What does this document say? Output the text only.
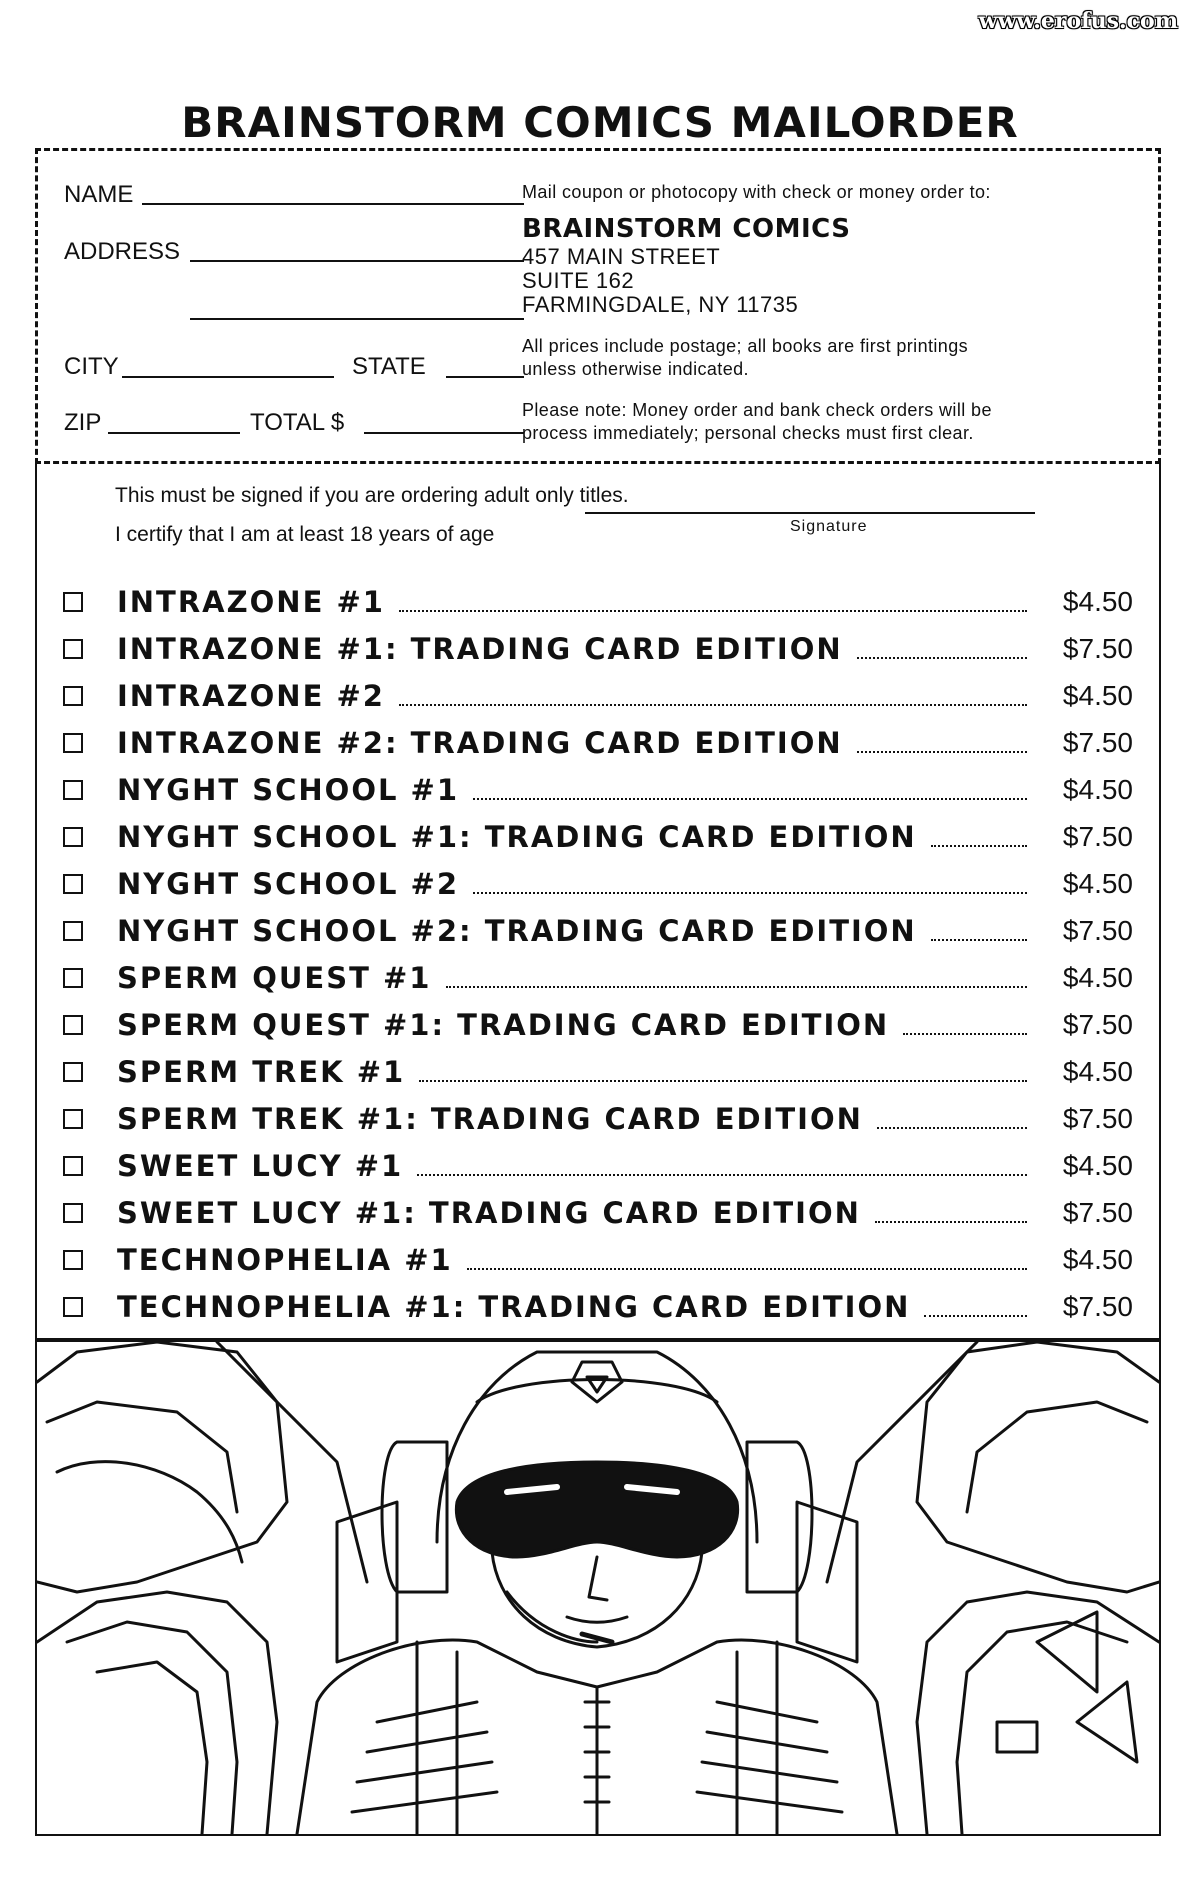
www.erofus.com
BRAINSTORM COMICS MAILORDER
NAME
ADDRESS
CITY	STATE
ZIP	TOTAL $
Mail coupon or photocopy with check or money order to:
BRAINSTORM COMICS
457 MAIN STREET
SUITE 162
FARMINGDALE, NY 11735
All prices include postage; all books are first printings
unless otherwise indicated.
Please note: Money order and bank check orders will be
process immediately; personal checks must first clear.
This must be signed if you are ordering adult only titles.
I certify that I am at least 18 years of age	Signature
INTRAZONE #1	$4.50
INTRAZONE #1: TRADING CARD EDITION	$7.50
INTRAZONE #2	$4.50
INTRAZONE #2: TRADING CARD EDITION	$7.50
NYGHT SCHOOL #1	$4.50
NYGHT SCHOOL #1: TRADING CARD EDITION	$7.50
NYGHT SCHOOL #2	$4.50
NYGHT SCHOOL #2: TRADING CARD EDITION	$7.50
SPERM QUEST #1	$4.50
SPERM QUEST #1: TRADING CARD EDITION	$7.50
SPERM TREK #1	$4.50
SPERM TREK #1: TRADING CARD EDITION	$7.50
SWEET LUCY #1	$4.50
SWEET LUCY #1: TRADING CARD EDITION	$7.50
TECHNOPHELIA #1	$4.50
TECHNOPHELIA #1: TRADING CARD EDITION	$7.50
